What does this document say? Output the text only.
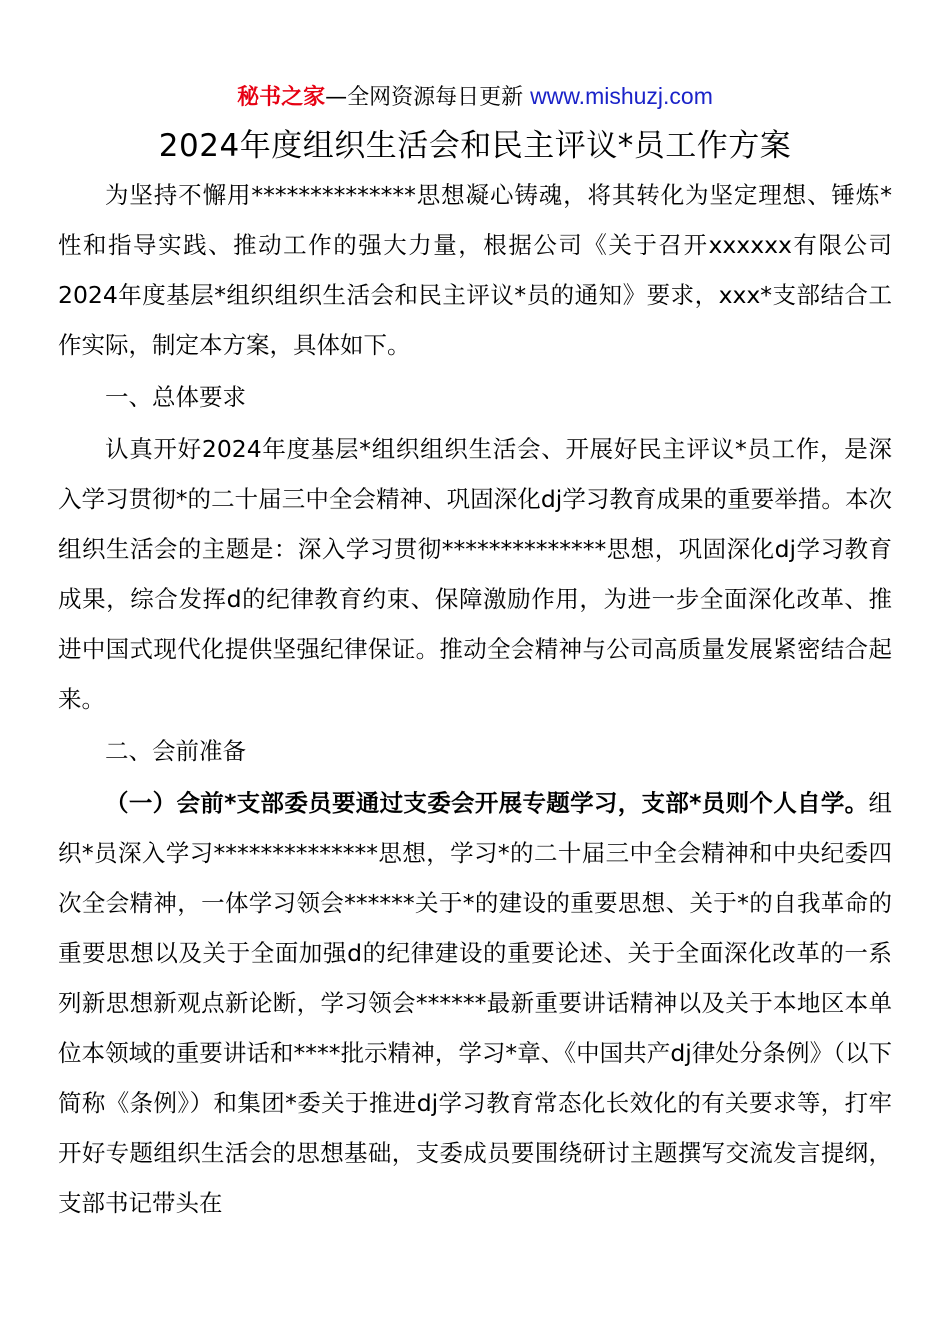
秘书之家—全网资源每日更新 www.mishuzj.com
2024年度组织生活会和民主评议*员工作方案

为坚持不懈用**************思想凝心铸魂，将其转化为坚定理想、锤炼*性和指导实践、推动工作的强大力量，根据公司《关于召开xxxxxx有限公司2024年度基层*组织组织生活会和民主评议*员的通知》要求，xxx*支部结合工作实际，制定本方案，具体如下。

一、总体要求

认真开好2024年度基层*组织组织生活会、开展好民主评议*员工作，是深入学习贯彻*的二十届三中全会精神、巩固深化dj学习教育成果的重要举措。本次组织生活会的主题是：深入学习贯彻**************思想，巩固深化dj学习教育成果，综合发挥d的纪律教育约束、保障激励作用，为进一步全面深化改革、推进中国式现代化提供坚强纪律保证。推动全会精神与公司高质量发展紧密结合起来。

二、会前准备

（一）会前*支部委员要通过支委会开展专题学习，支部*员则个人自学。组织*员深入学习**************思想，学习*的二十届三中全会精神和中央纪委四次全会精神，一体学习领会******关于*的建设的重要思想、关于*的自我革命的重要思想以及关于全面加强d的纪律建设的重要论述、关于全面深化改革的一系列新思想新观点新论断，学习领会******最新重要讲话精神以及关于本地区本单位本领域的重要讲话和****批示精神，学习*章、《中国共产dj律处分条例》（以下简称《条例》）和集团*委关于推进dj学习教育常态化长效化的有关要求等，打牢开好专题组织生活会的思想基础，支委成员要围绕研讨主题撰写交流发言提纲，支部书记带头在
